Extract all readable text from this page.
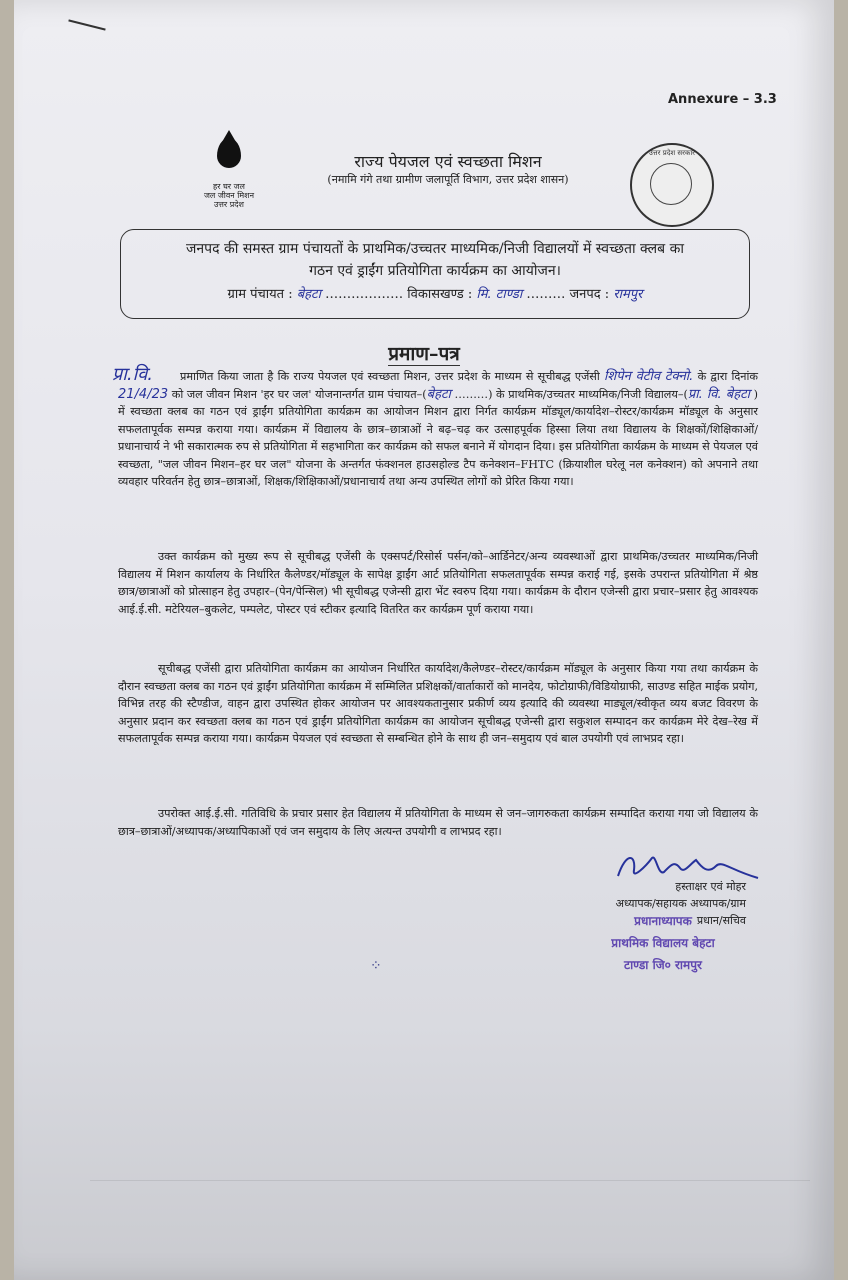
Annexure – 3.3
हर घर जल
जल जीवन मिशन
उत्तर प्रदेश
राज्य पेयजल एवं स्वच्छता मिशन
(नमामि गंगे तथा ग्रामीण जलापूर्ति विभाग, उत्तर प्रदेश शासन)
उत्तर प्रदेश सरकार
जनपद की समस्त ग्राम पंचायतों के प्राथमिक/उच्चतर माध्यमिक/निजी विद्यालयों में स्वच्छता क्लब का
गठन एवं ड्राईंग प्रतियोगिता कार्यक्रम का आयोजन।
ग्राम पंचायत : बेहटा ……………… विकासखण्ड : मि. टाण्डा ……… जनपद : रामपुर
प्रमाण–पत्र
प्रा.वि.	प्रमाणित किया जाता है कि राज्य पेयजल एवं स्वच्छता मिशन, उत्तर प्रदेश के माध्यम से सूचीबद्ध एजेंसी शिपेन वेटीव टेक्नो. के द्वारा दिनांक 21/4/23 को जल जीवन मिशन 'हर घर जल' योजनान्तर्गत ग्राम पंचायत–(बेहटा ………) के प्राथमिक/उच्चतर माध्यमिक/निजी विद्यालय–(प्रा. वि. बेहटा ) में स्वच्छता क्लब का गठन एवं ड्राईंग प्रतियोगिता कार्यक्रम का आयोजन मिशन द्वारा निर्गत कार्यक्रम मॉड्यूल/कार्यादेश–रोस्टर/कार्यक्रम मॉड्यूल के अनुसार सफलतापूर्वक सम्पन्न कराया गया। कार्यक्रम में विद्यालय के छात्र–छात्राओं ने बढ़–चढ़ कर उत्साहपूर्वक हिस्सा लिया तथा विद्यालय के शिक्षकों/शिक्षिकाओं/प्रधानाचार्य ने भी सकारात्मक रुप से प्रतियोगिता में सहभागिता कर कार्यक्रम को सफल बनाने में योगदान दिया। इस प्रतियोगिता कार्यक्रम के माध्यम से पेयजल एवं स्वच्छता, "जल जीवन मिशन–हर घर जल" योजना के अन्तर्गत फंक्शनल हाउसहोल्ड टैप कनेक्शन–FHTC (क्रियाशील घरेलू नल कनेक्शन) को अपनाने तथा व्यवहार परिवर्तन हेतु छात्र–छात्राओं, शिक्षक/शिक्षिकाओं/प्रधानाचार्य तथा अन्य उपस्थित लोगों को प्रेरित किया गया।
उक्त कार्यक्रम को मुख्य रूप से सूचीबद्ध एजेंसी के एक्सपर्ट/रिसोर्स पर्सन/को–आर्डिनेटर/अन्य व्यवस्थाओं द्वारा प्राथमिक/उच्चतर माध्यमिक/निजी विद्यालय में मिशन कार्यालय के निर्धारित कैलेण्डर/मॉड्यूल के सापेक्ष ड्राईंग आर्ट प्रतियोगिता सफलतापूर्वक सम्पन्न कराई गई, इसके उपरान्त प्रतियोगिता में श्रेष्ठ छात्र/छात्राओं को प्रोत्साहन हेतु उपहार–(पेन/पेन्सिल) भी सूचीबद्ध एजेन्सी द्वारा भेंट स्वरुप दिया गया। कार्यक्रम के दौरान एजेन्सी द्वारा प्रचार–प्रसार हेतु आवश्यक आई.ई.सी. मटेरियल–बुकलेट, पम्पलेट, पोस्टर एवं स्टीकर इत्यादि वितरित कर कार्यक्रम पूर्ण कराया गया।
सूचीबद्ध एजेंसी द्वारा प्रतियोगिता कार्यक्रम का आयोजन निर्धारित कार्यादेश/कैलेण्डर–रोस्टर/कार्यक्रम मॉड्यूल के अनुसार किया गया तथा कार्यक्रम के दौरान स्वच्छता क्लब का गठन एवं ड्राईंग प्रतियोगिता कार्यक्रम में सम्मिलित प्रशिक्षकों/वार्ताकारों को मानदेय, फोटोग्राफी/विडियोग्राफी, साउण्ड सहित माईक प्रयोग, विभिन्न तरह की स्टैण्डीज, वाहन द्वारा उपस्थित होकर आयोजन पर आवश्यकतानुसार प्रकीर्ण व्यय इत्यादि की व्यवस्था माड्यूल/स्वीकृत व्यय बजट विवरण के अनुसार प्रदान कर स्वच्छता क्लब का गठन एवं ड्राईंग प्रतियोगिता कार्यक्रम का आयोजन सूचीबद्ध एजेन्सी द्वारा सकुशल सम्पादन कर कार्यक्रम मेरे देख–रेख में सफलतापूर्वक सम्पन्न कराया गया। कार्यक्रम पेयजल एवं स्वच्छता से सम्बन्धित होने के साथ ही जन–समुदाय एवं बाल उपयोगी एवं लाभप्रद रहा।
उपरोक्त आई.ई.सी. गतिविधि के प्रचार प्रसार हेत विद्यालय में प्रतियोगिता के माध्यम से जन–जागरुकता कार्यक्रम सम्पादित कराया गया जो विद्यालय के छात्र–छात्राओं/अध्यापक/अध्यापिकाओं एवं जन समुदाय के लिए अत्यन्त उपयोगी व लाभप्रद रहा।
हस्ताक्षर एवं मोहर
अध्यापक/सहायक अध्यापक/ग्राम
प्रधान/सचिव
प्रधानाध्यापक
प्राथमिक विद्यालय बेहटा
टाण्डा जि० रामपुर
⁘
